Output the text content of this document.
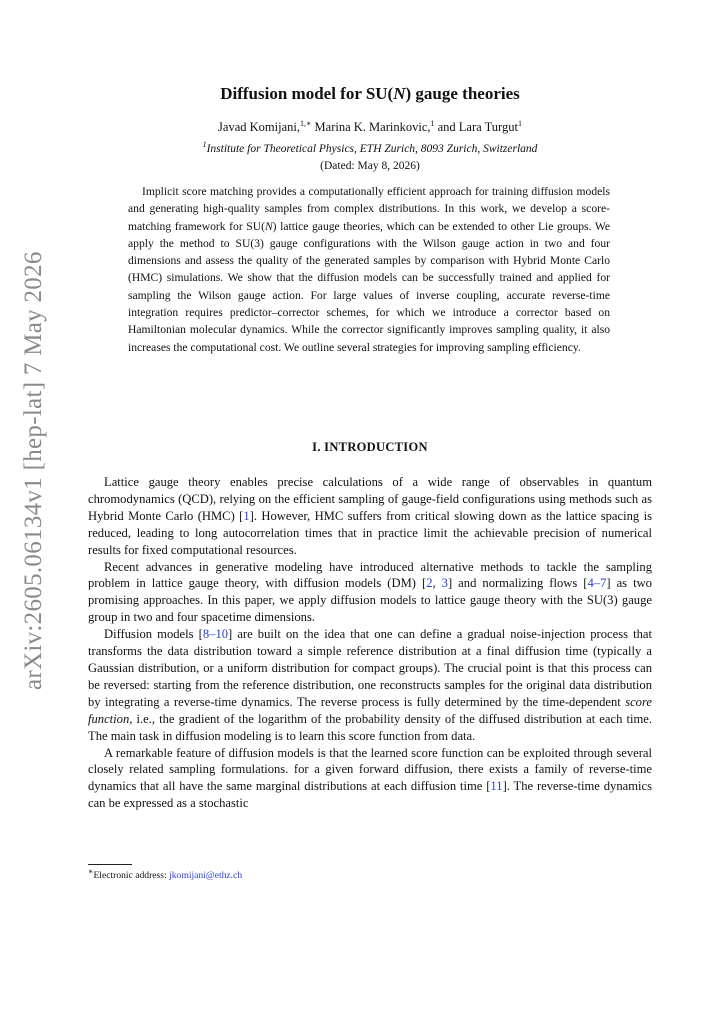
arXiv:2605.06134v1 [hep-lat] 7 May 2026
Diffusion model for SU(N) gauge theories
Javad Komijani,$^{1,∗}$ Marina K. Marinkovic,$^1$ and Lara Turgut$^1$
$^1$Institute for Theoretical Physics, ETH Zurich, 8093 Zurich, Switzerland
(Dated: May 8, 2026)

Implicit score matching provides a computationally efficient approach for training diffusion models and generating high-quality samples from complex distributions. In this work, we develop a score-matching framework for SU(N) lattice gauge theories, which can be extended to other Lie groups. We apply the method to SU(3) gauge configurations with the Wilson gauge action in two and four dimensions and assess the quality of the generated samples by comparison with Hybrid Monte Carlo (HMC) simulations. We show that the diffusion models can be successfully trained and applied for sampling the Wilson gauge action. For large values of inverse coupling, accurate reverse-time integration requires predictor–corrector schemes, for which we introduce a corrector based on Hamiltonian molecular dynamics. While the corrector significantly improves sampling quality, it also increases the computational cost. We outline several strategies for improving sampling efficiency.

I. INTRODUCTION

Lattice gauge theory enables precise calculations of a wide range of observables in quantum chromodynamics (QCD), relying on the efficient sampling of gauge-field configurations using methods such as Hybrid Monte Carlo (HMC) [1]. However, HMC suffers from critical slowing down as the lattice spacing is reduced, leading to long autocorrelation times that in practice limit the achievable precision of numerical results for fixed computational resources.

Recent advances in generative modeling have introduced alternative methods to tackle the sampling problem in lattice gauge theory, with diffusion models (DM) [2, 3] and normalizing flows [4–7] as two promising approaches. In this paper, we apply diffusion models to lattice gauge theory with the SU(3) gauge group in two and four spacetime dimensions.

Diffusion models [8–10] are built on the idea that one can define a gradual noise-injection process that transforms the data distribution toward a simple reference distribution at a final diffusion time (typically a Gaussian distribution, or a uniform distribution for compact groups). The crucial point is that this process can be reversed: starting from the reference distribution, one reconstructs samples for the original data distribution by integrating a reverse-time dynamics. The reverse process is fully determined by the time-dependent score function, i.e., the gradient of the logarithm of the probability density of the diffused distribution at each time. The main task in diffusion modeling is to learn this score function from data.

A remarkable feature of diffusion models is that the learned score function can be exploited through several closely related sampling formulations. for a given forward diffusion, there exists a family of reverse-time dynamics that all have the same marginal distributions at each diffusion time [11]. The reverse-time dynamics can be expressed as a stochastic

∗Electronic address: jkomijani@ethz.ch
